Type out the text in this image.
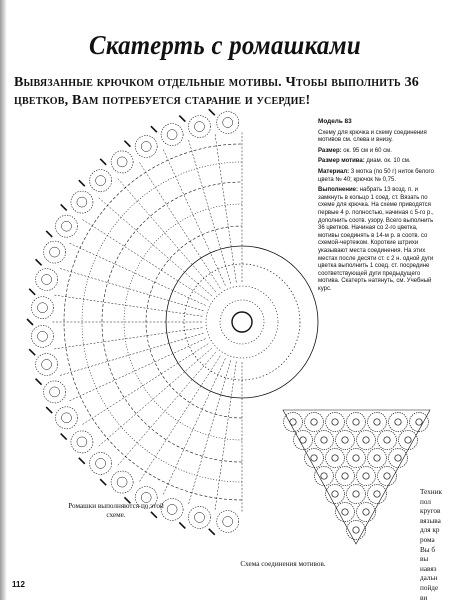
Скатерть с ромашками
Вывязанные крючком отдельные мотивы. Чтобы выполнить 36 цветков, Вам потребуется старание и усердие!

Модель 83

Схему для крючка и схему соединения мотивов см. слева и внизу.

Размер: ок. 95 см и 60 см.

Размер мотива: диам. ок. 10 см.

Материал: 3 мотка (по 50 г) ниток белого цвета № 40; крючок № 0,75.

Выполнение: набрать 13 возд. п. и замкнуть в кольцо 1 соед. ст. Вязать по схеме для крючка. На схеме приводятся первые 4 р. полностью, начиная с 5-го р., дополнить соотв. узору. Всего выполнить 36 цветков. Начиная со 2-го цветка, мотивы соединять в 14-м р. в соотв. со схемой-чертежом. Короткие штрихи указывают места соединения. На этих местах после десяти ст. с 2 н. одной дуги цветка выполнить 1 соед. ст. посредине соответствующей дуги предыдущего мотива. Скатерть натянуть, см. Учебный курс.

Ромашки выполняются по этой схеме.
Схема соединения мотивов.
112
Техник
пол
кругов
вязыва
для кр
рома
Вы б
вы
навяз
дальн
пойде
ви
